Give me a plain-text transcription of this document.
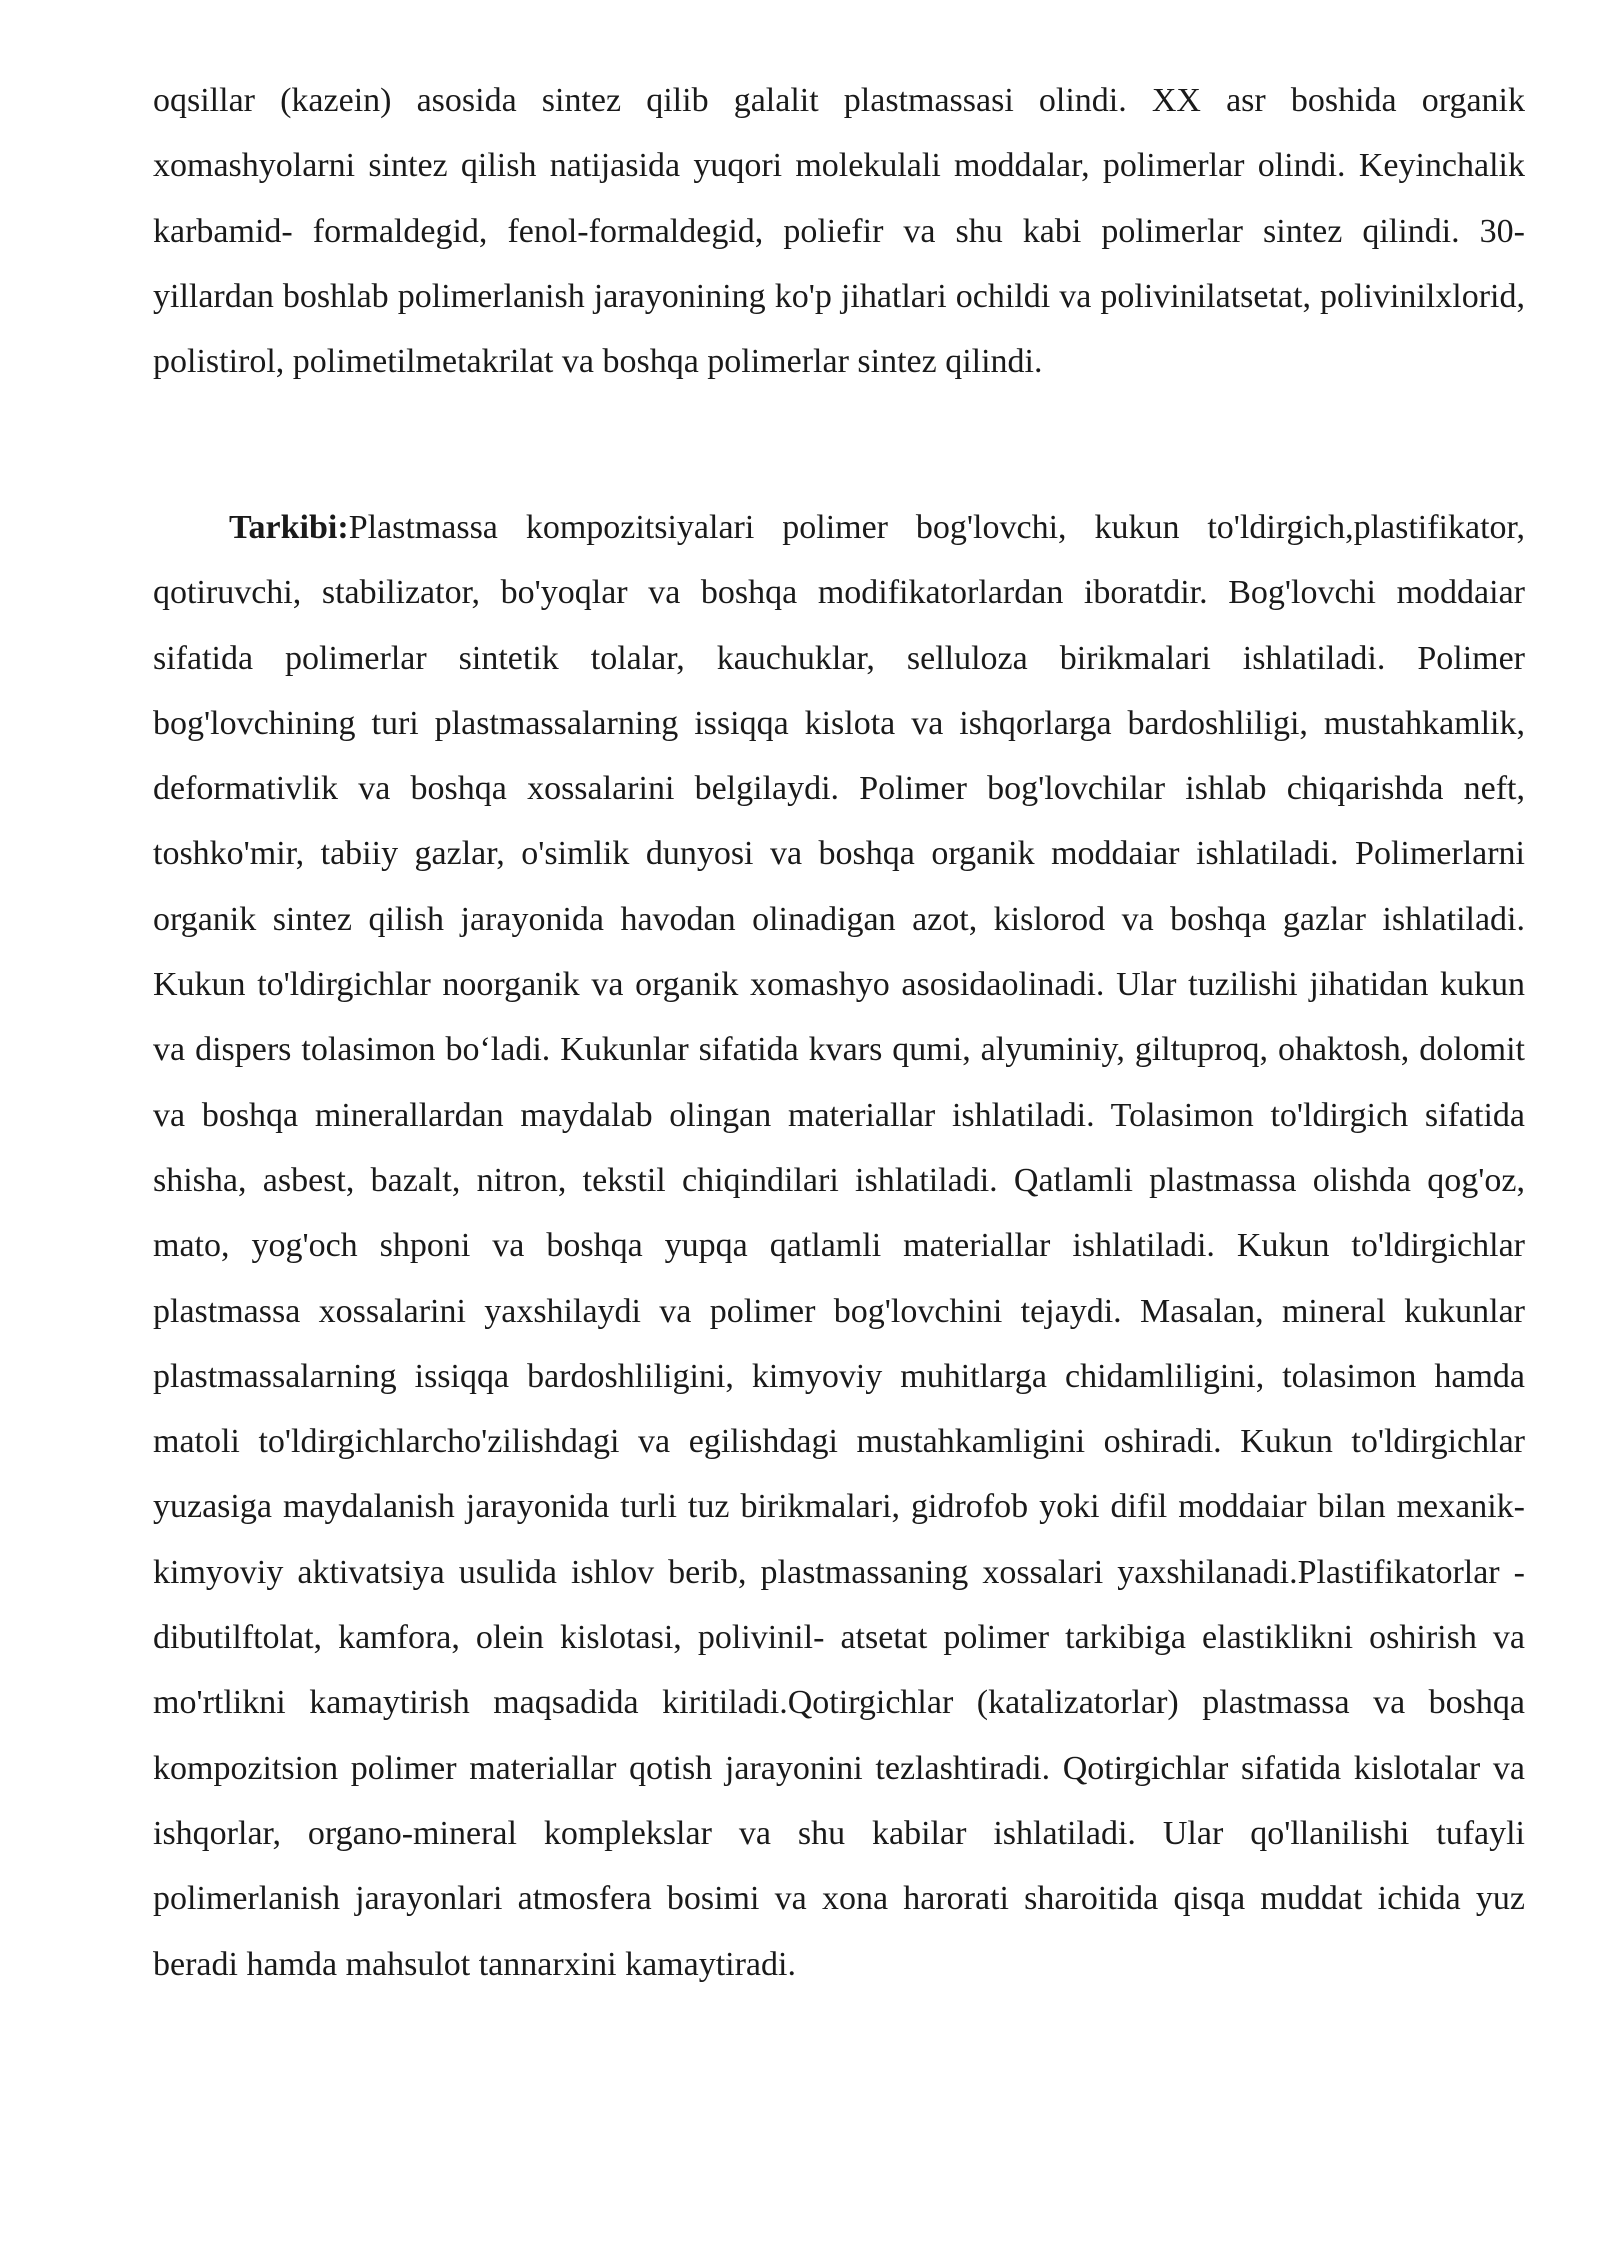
oqsillar (kazein) asosida sintez qilib galalit plastmassasi olindi. XX asr boshida organik xomashyolarni sintez qilish natijasida yuqori molekulali moddalar, polimerlar olindi. Keyinchalik karbamid- formaldegid, fenol-formaldegid, poliefir va shu kabi polimerlar sintez qilindi. 30-yillardan boshlab polimerlanish jarayonining ko'p jihatlari ochildi va polivinilatsetat, polivinilxlorid, polistirol, polimetilmetakrilat va boshqa polimerlar sintez qilindi.

Tarkibi:Plastmassa kompozitsiyalari polimer bog'lovchi, kukun to'ldirgich,plastifikator, qotiruvchi, stabilizator, bo'yoqlar va boshqa modifikatorlardan iboratdir. Bog'lovchi moddaiar sifatida polimerlar sintetik tolalar, kauchuklar, selluloza birikmalari ishlatiladi. Polimer bog'lovchining turi plastmassalarning issiqqa kislota va ishqorlarga bardoshliligi, mustahkamlik, deformativlik va boshqa xossalarini belgilaydi. Polimer bog'lovchilar ishlab chiqarishda neft, toshko'mir, tabiiy gazlar, o'simlik dunyosi va boshqa organik moddaiar ishlatiladi. Polimerlarni organik sintez qilish jarayonida havodan olinadigan azot, kislorod va boshqa gazlar ishlatiladi. Kukun to'ldirgichlar noorganik va organik xomashyo asosidaolinadi. Ular tuzilishi jihatidan kukun va dispers tolasimon bo‘ladi. Kukunlar sifatida kvars qumi, alyuminiy, giltuproq, ohaktosh, dolomit va boshqa minerallardan maydalab olingan materiallar ishlatiladi. Tolasimon to'ldirgich sifatida shisha, asbest, bazalt, nitron, tekstil chiqindilari ishlatiladi. Qatlamli plastmassa olishda qog'oz, mato, yog'och shponi va boshqa yupqa qatlamli materiallar ishlatiladi. Kukun to'ldirgichlar plastmassa xossalarini yaxshilaydi va polimer bog'lovchini tejaydi. Masalan, mineral kukunlar plastmassalarning issiqqa bardoshliligini, kimyoviy muhitlarga chidamliligini, tolasimon hamda matoli to'ldirgichlarcho'zilishdagi va egilishdagi mustahkamligini oshiradi. Kukun to'ldirgichlar yuzasiga maydalanish jarayonida turli tuz birikmalari, gidrofob yoki difil moddaiar bilan mexanik-kimyoviy aktivatsiya usulida ishlov berib, plastmassaning xossalari yaxshilanadi.Plastifikatorlar - dibutilftolat, kamfora, olein kislotasi, polivinil- atsetat polimer tarkibiga elastiklikni oshirish va mo'rtlikni kamaytirish maqsadida kiritiladi.Qotirgichlar (katalizatorlar) plastmassa va boshqa kompozitsion polimer materiallar qotish jarayonini tezlashtiradi. Qotirgichlar sifatida kislotalar va ishqorlar, organo-mineral komplekslar va shu kabilar ishlatiladi. Ular qo'llanilishi tufayli polimerlanish jarayonlari atmosfera bosimi va xona harorati sharoitida qisqa muddat ichida yuz beradi hamda mahsulot tannarxini kamaytiradi.
